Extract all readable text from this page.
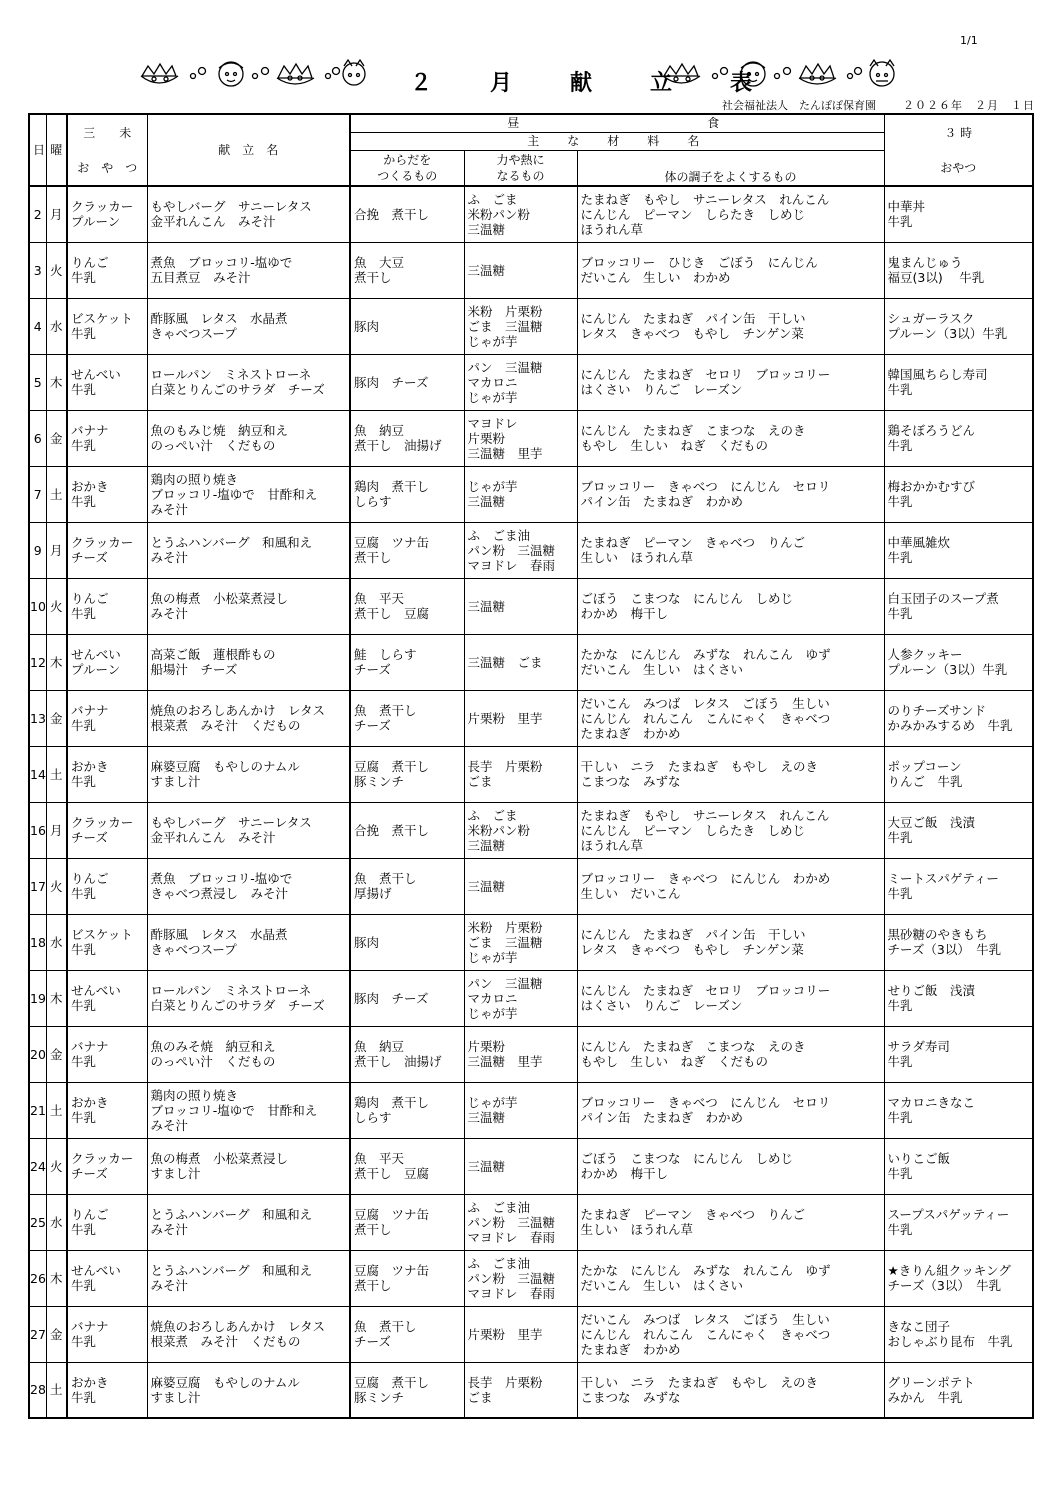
1/1
２　月　献　立　表
社会福祉法人　たんぽぽ保育園 ２０２６年　２月　１日
日	曜	三　　未	献　立　名	昼　　　　　　　　　食			３ 時
				主　な　材　料　名			
		お　や　つ		からだを
つくるもの	力や熱に
なるもの	体の調子をよくするもの	おやつ

2	月	クラッカー
プルーン	もやしバーグ　サニーレタス
金平れんこん　みそ汁	合挽　煮干し	ふ　ごま
米粉パン粉
三温糖	たまねぎ　もやし　サニーレタス　れんこん
にんじん　ピーマン　しらたき　しめじ
ほうれん草	中華丼
牛乳
3	火	りんご
牛乳	煮魚　ブロッコリ-塩ゆで
五目煮豆　みそ汁	魚　大豆
煮干し	三温糖	ブロッコリー　ひじき　ごぼう　にんじん
だいこん　生しい　わかめ	鬼まんじゅう
福豆(3以)　 牛乳
4	水	ビスケット
牛乳	酢豚風　レタス　水晶煮
きゃべつスープ	豚肉	米粉　片栗粉
ごま　三温糖
じゃが芋	にんじん　たまねぎ　パイン缶　干しい
レタス　きゃべつ　もやし　チンゲン菜	シュガーラスク
プルーン（3以）牛乳
5	木	せんべい
牛乳	ロールパン　ミネストローネ
白菜とりんごのサラダ　チーズ	豚肉　チーズ	パン　三温糖
マカロニ
じゃが芋	にんじん　たまねぎ　セロリ　ブロッコリー
はくさい　りんご　レーズン	韓国風ちらし寿司
牛乳
6	金	バナナ
牛乳	魚のもみじ焼　納豆和え
のっぺい汁　くだもの	魚　納豆
煮干し　油揚げ	マヨドレ
片栗粉
三温糖　里芋	にんじん　たまねぎ　こまつな　えのき
もやし　生しい　ねぎ　くだもの	鶏そぼろうどん
牛乳
7	土	おかき
牛乳	鶏肉の照り焼き
ブロッコリ-塩ゆで　甘酢和え
みそ汁	鶏肉　煮干し
しらす	じゃが芋
三温糖	ブロッコリー　きゃべつ　にんじん　セロリ
パイン缶　たまねぎ　わかめ	梅おかかむすび
牛乳
9	月	クラッカー
チーズ	とうふハンバーグ　和風和え
みそ汁	豆腐　ツナ缶
煮干し	ふ　ごま油
パン粉　三温糖
マヨドレ　春雨	たまねぎ　ピーマン　きゃべつ　りんご
生しい　ほうれん草	中華風雑炊
牛乳
10	火	りんご
牛乳	魚の梅煮　小松菜煮浸し
みそ汁	魚　平天
煮干し　豆腐	三温糖	ごぼう　こまつな　にんじん　しめじ
わかめ　梅干し	白玉団子のスープ煮
牛乳
12	木	せんべい
プルーン	高菜ご飯　蓮根酢もの
船場汁　チーズ	鮭　しらす
チーズ	三温糖　ごま	たかな　にんじん　みずな　れんこん　ゆず
だいこん　生しい　はくさい	人参クッキー
プルーン（3以）牛乳
13	金	バナナ
牛乳	焼魚のおろしあんかけ　レタス
根菜煮　みそ汁　くだもの	魚　煮干し
チーズ	片栗粉　里芋	だいこん　みつば　レタス　ごぼう　生しい
にんじん　れんこん　こんにゃく　きゃべつ
たまねぎ　わかめ	のりチーズサンド
かみかみするめ　牛乳
14	土	おかき
牛乳	麻婆豆腐　もやしのナムル
すまし汁	豆腐　煮干し
豚ミンチ	長芋　片栗粉
ごま	干しい　ニラ　たまねぎ　もやし　えのき
こまつな　みずな	ポップコーン
りんご　牛乳
16	月	クラッカー
チーズ	もやしバーグ　サニーレタス
金平れんこん　みそ汁	合挽　煮干し	ふ　ごま
米粉パン粉
三温糖	たまねぎ　もやし　サニーレタス　れんこん
にんじん　ピーマン　しらたき　しめじ
ほうれん草	大豆ご飯　浅漬
牛乳
17	火	りんご
牛乳	煮魚　ブロッコリ-塩ゆで
きゃべつ煮浸し　みそ汁	魚　煮干し
厚揚げ	三温糖	ブロッコリー　きゃべつ　にんじん　わかめ
生しい　だいこん	ミートスパゲティー
牛乳
18	水	ビスケット
牛乳	酢豚風　レタス　水晶煮
きゃべつスープ	豚肉	米粉　片栗粉
ごま　三温糖
じゃが芋	にんじん　たまねぎ　パイン缶　干しい
レタス　きゃべつ　もやし　チンゲン菜	黒砂糖のやきもち
チーズ（3以）　牛乳
19	木	せんべい
牛乳	ロールパン　ミネストローネ
白菜とりんごのサラダ　チーズ	豚肉　チーズ	パン　三温糖
マカロニ
じゃが芋	にんじん　たまねぎ　セロリ　ブロッコリー
はくさい　りんご　レーズン	せりご飯　浅漬
牛乳
20	金	バナナ
牛乳	魚のみそ焼　納豆和え
のっぺい汁　くだもの	魚　納豆
煮干し　油揚げ	片栗粉
三温糖　里芋	にんじん　たまねぎ　こまつな　えのき
もやし　生しい　ねぎ　くだもの	サラダ寿司
牛乳
21	土	おかき
牛乳	鶏肉の照り焼き
ブロッコリ-塩ゆで　甘酢和え
みそ汁	鶏肉　煮干し
しらす	じゃが芋
三温糖	ブロッコリー　きゃべつ　にんじん　セロリ
パイン缶　たまねぎ　わかめ	マカロニきなこ
牛乳
24	火	クラッカー
チーズ	魚の梅煮　小松菜煮浸し
すまし汁	魚　平天
煮干し　豆腐	三温糖	ごぼう　こまつな　にんじん　しめじ
わかめ　梅干し	いりこご飯
牛乳
25	水	りんご
牛乳	とうふハンバーグ　和風和え
みそ汁	豆腐　ツナ缶
煮干し	ふ　ごま油
パン粉　三温糖
マヨドレ　春雨	たまねぎ　ピーマン　きゃべつ　りんご
生しい　ほうれん草	スープスパゲッティー
牛乳
26	木	せんべい
牛乳	とうふハンバーグ　和風和え
みそ汁	豆腐　ツナ缶
煮干し	ふ　ごま油
パン粉　三温糖
マヨドレ　春雨	たかな　にんじん　みずな　れんこん　ゆず
だいこん　生しい　はくさい	★きりん組クッキング
チーズ（3以）　牛乳
27	金	バナナ
牛乳	焼魚のおろしあんかけ　レタス
根菜煮　みそ汁　くだもの	魚　煮干し
チーズ	片栗粉　里芋	だいこん　みつば　レタス　ごぼう　生しい
にんじん　れんこん　こんにゃく　きゃべつ
たまねぎ　わかめ	きなこ団子
おしゃぶり昆布　牛乳
28	土	おかき
牛乳	麻婆豆腐　もやしのナムル
すまし汁	豆腐　煮干し
豚ミンチ	長芋　片栗粉
ごま	干しい　ニラ　たまねぎ　もやし　えのき
こまつな　みずな	グリーンポテト
みかん　牛乳
